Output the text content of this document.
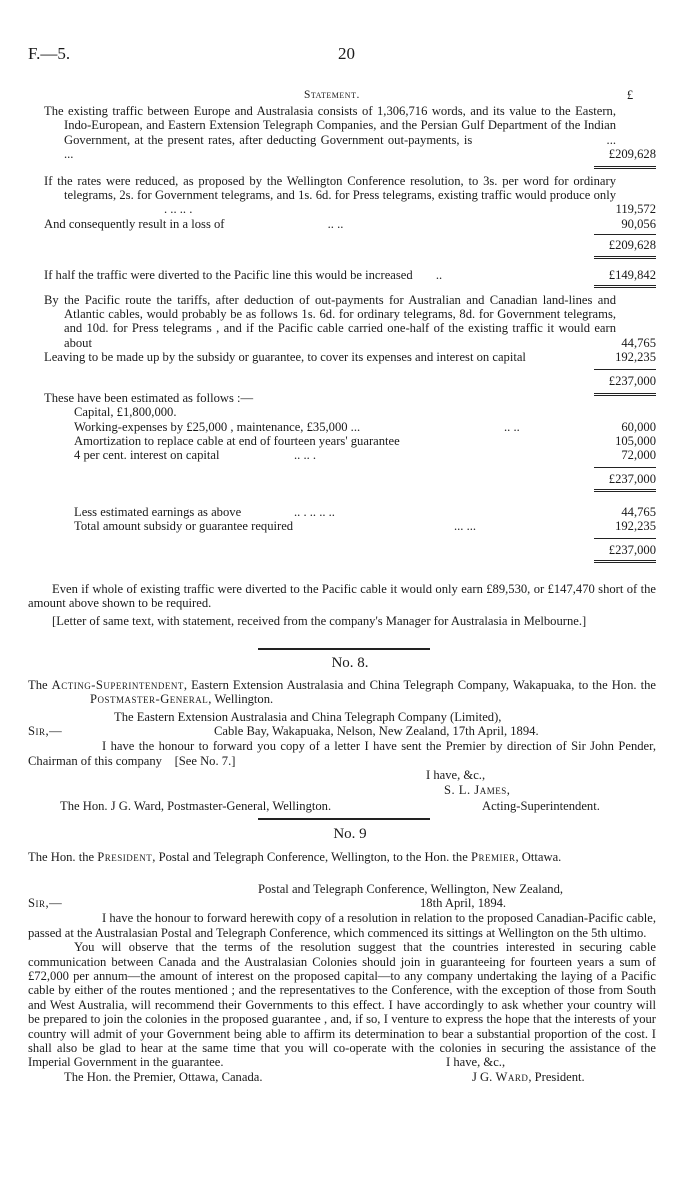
F.—5.	20
Statement.	£
The existing traffic between Europe and Australasia consists of 1,306,716 words, and its value to the Eastern, Indo-European, and Eastern Extension Telegraph Companies, and the Persian Gulf Department of the Indian Government, at the present rates, after deducting Government out-payments, is	... ...	£209,628
If the rates were reduced, as proposed by the Wellington Conference resolution, to 3s. per word for ordinary telegrams, 2s. for Government telegrams, and 1s. 6d. for Press telegrams, existing traffic would produce only . .. .. .	119,572
And consequently result in a loss of	.. ..	90,056
£209,628
If half the traffic were diverted to the Pacific line this would be increased ..	£149,842
By the Pacific route the tariffs, after deduction of out-payments for Australian and Canadian land-lines and Atlantic cables, would probably be as follows 1s. 6d. for ordinary telegrams, 8d. for Government telegrams, and 10d. for Press telegrams , and if the Pacific cable carried one-half of the existing traffic it would earn about	44,765
Leaving to be made up by the subsidy or guarantee, to cover its expenses and interest on capital	192,235
£237,000
These have been estimated as follows :—
Capital, £1,800,000.
Working-expenses by £25,000 , maintenance, £35,000 ...	.. ..	60,000
Amortization to replace cable at end of fourteen years' guarantee	105,000
4 per cent. interest on capital	.. .. .	72,000
£237,000
Less estimated earnings as above	.. . .. .. ..	44,765
Total amount subsidy or guarantee required	... ...	192,235
£237,000
Even if whole of existing traffic were diverted to the Pacific cable it would only earn £89,530, or £147,470 short of the amount above shown to be required.
[Letter of same text, with statement, received from the company's Manager for Australasia in Melbourne.]
No. 8.
The Acting-Superintendent, Eastern Extension Australasia and China Telegraph Company, Wakapuaka, to the Hon. the Postmaster-General, Wellington.
The Eastern Extension Australasia and China Telegraph Company (Limited),
Sir,—	Cable Bay, Wakapuaka, Nelson, New Zealand, 17th April, 1894.
I have the honour to forward you copy of a letter I have sent the Premier by direction of Sir John Pender, Chairman of this company [See No. 7.]
I have, &c.,
S. L. James,
The Hon. J G. Ward, Postmaster-General, Wellington.	Acting-Superintendent.
No. 9
The Hon. the President, Postal and Telegraph Conference, Wellington, to the Hon. the Premier, Ottawa.
Postal and Telegraph Conference, Wellington, New Zealand,
Sir,—	18th April, 1894.
I have the honour to forward herewith copy of a resolution in relation to the proposed Canadian-Pacific cable, passed at the Australasian Postal and Telegraph Conference, which commenced its sittings at Wellington on the 5th ultimo.
You will observe that the terms of the resolution suggest that the countries interested in securing cable communication between Canada and the Australasian Colonies should join in guaranteeing for fourteen years a sum of £72,000 per annum—the amount of interest on the proposed capital—to any company undertaking the laying of a Pacific cable by either of the routes mentioned ; and the representatives to the Conference, with the exception of those from South and West Australia, will recommend their Governments to this effect. I have accordingly to ask whether your country will be prepared to join the colonies in the proposed guarantee , and, if so, I venture to express the hope that the interests of your country will admit of your Government being able to affirm its determination to bear a substantial proportion of the cost. I shall also be glad to hear at the same time that you will co-operate with the colonies in securing the assistance of the Imperial Government in the guarantee.	I have, &c.,
The Hon. the Premier, Ottawa, Canada.	J G. Ward, President.
